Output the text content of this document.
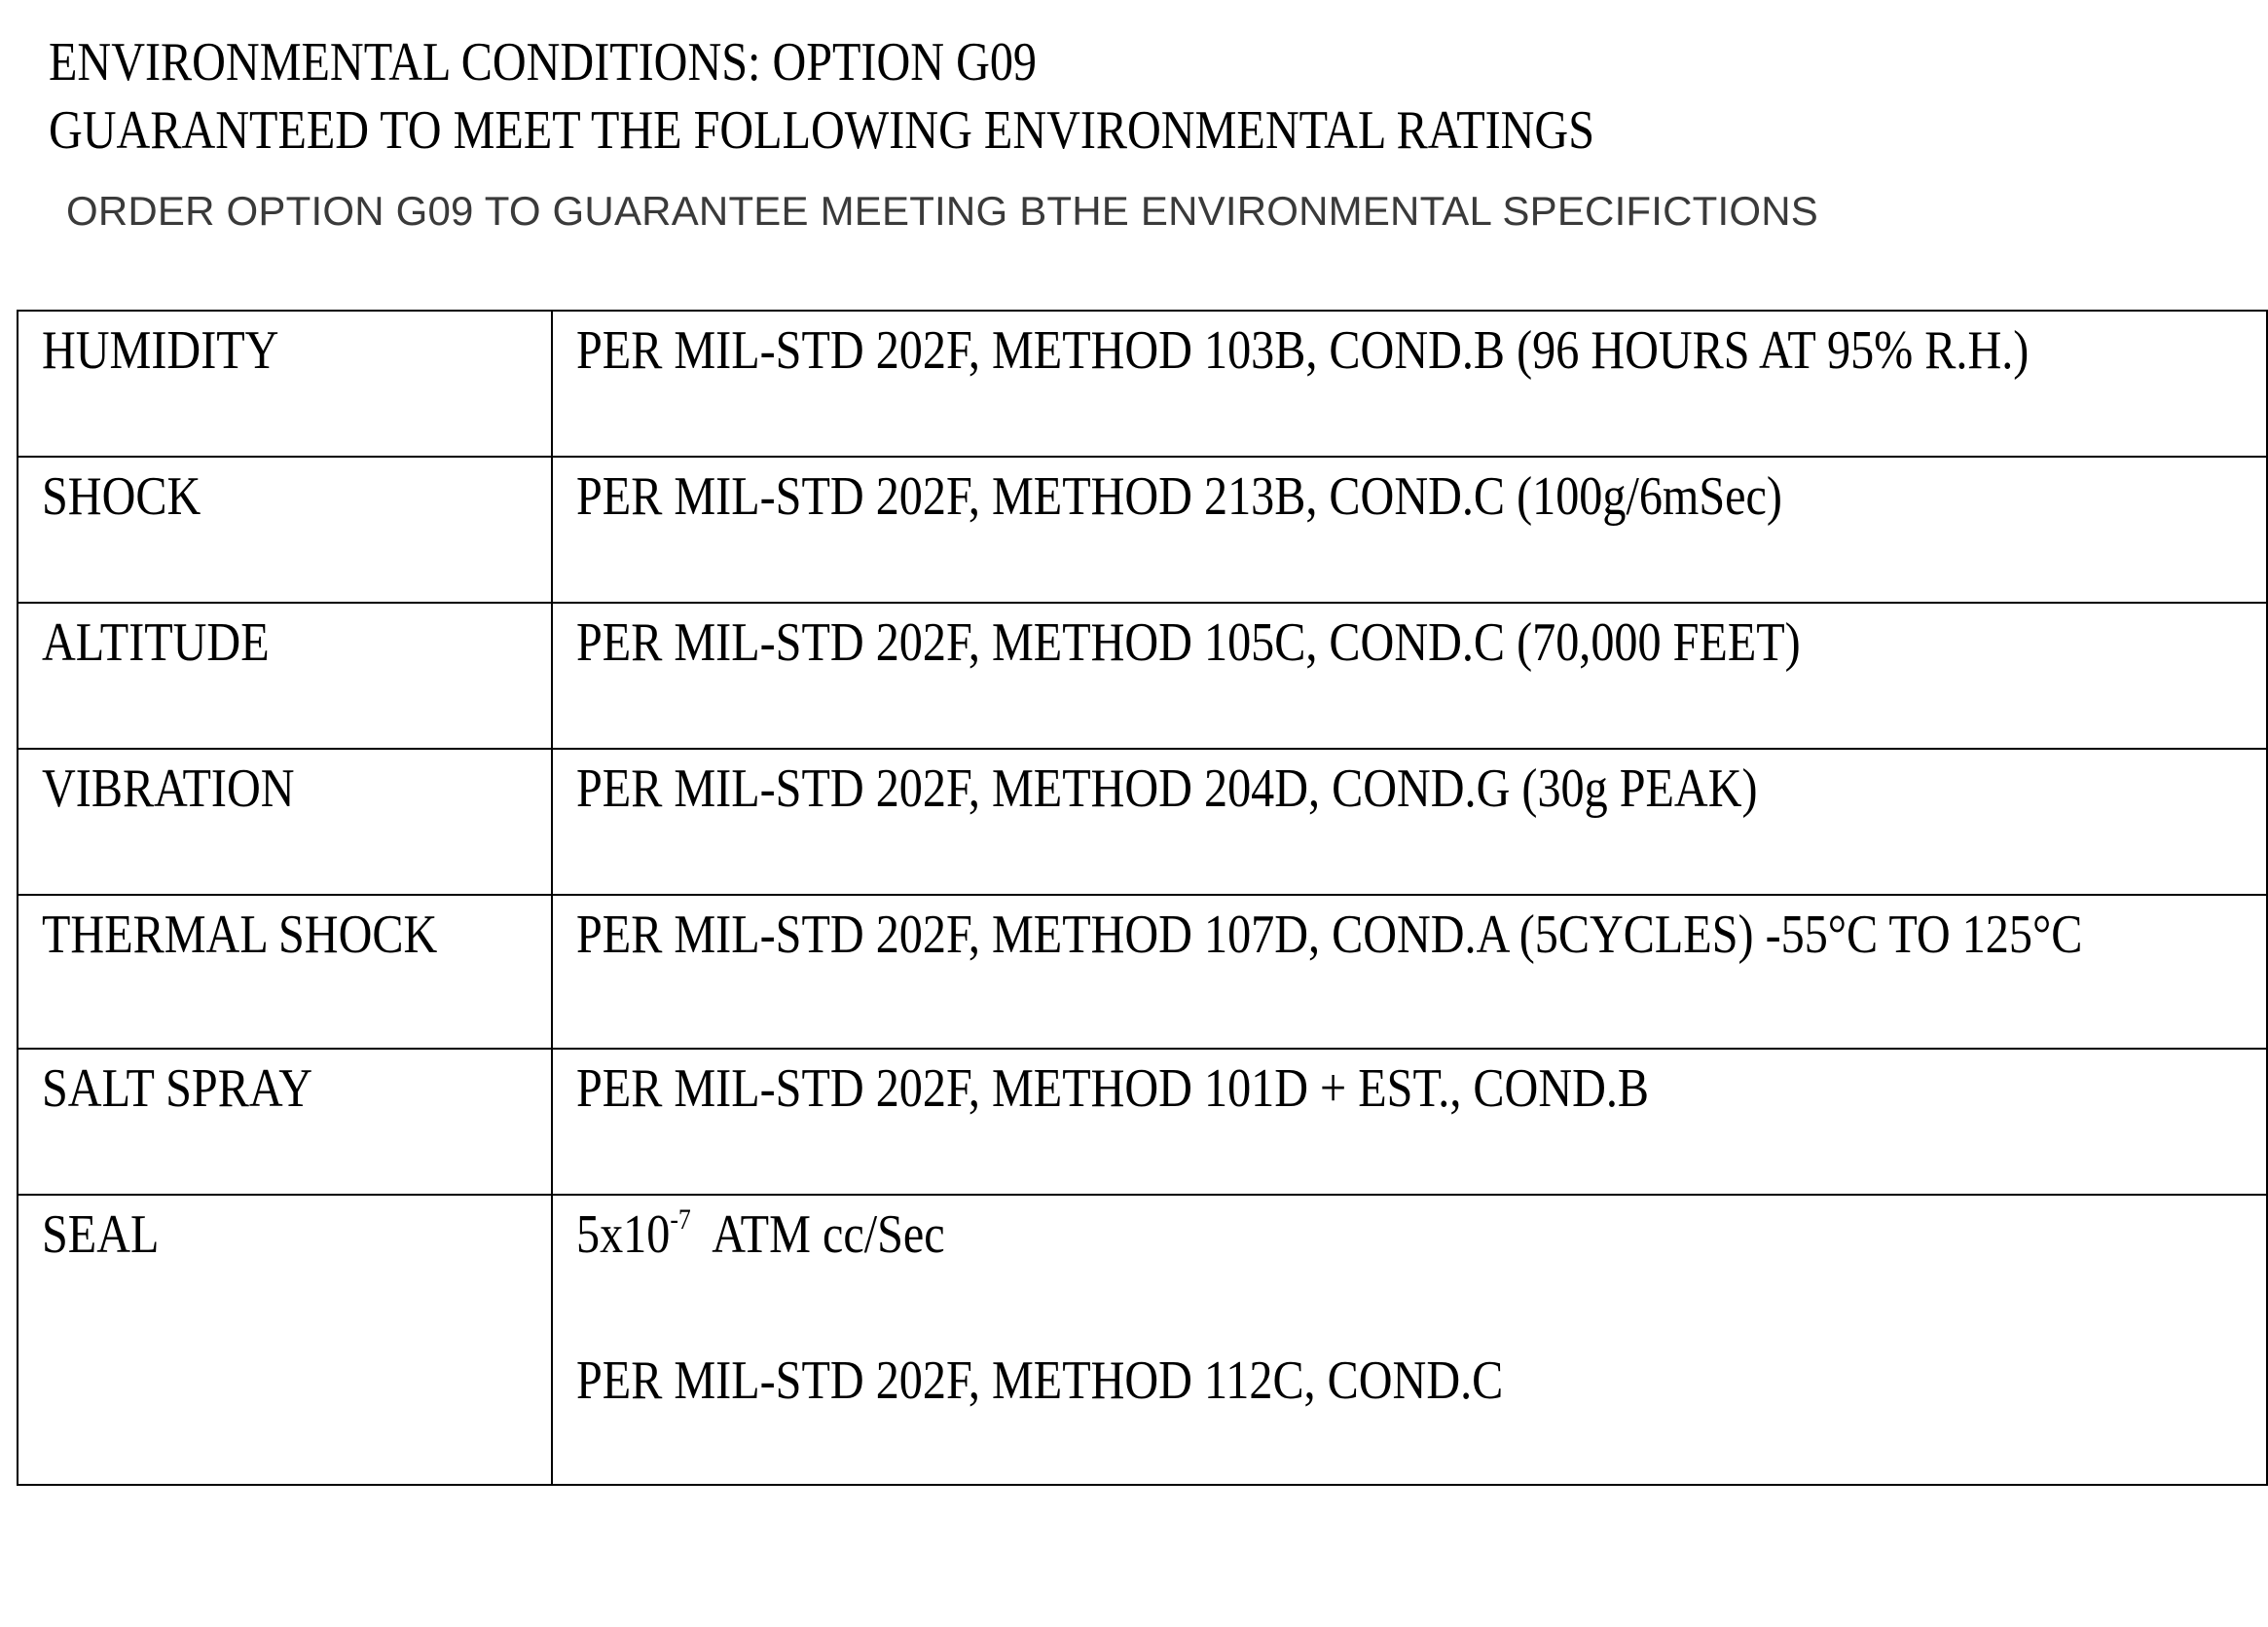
ENVIRONMENTAL CONDITIONS: OPTION G09
GUARANTEED TO MEET THE FOLLOWING ENVIRONMENTAL RATINGS
ORDER OPTION G09 TO GUARANTEE MEETING BTHE ENVIRONMENTAL SPECIFICTIONS
HUMIDITY	PER MIL-STD 202F, METHOD 103B, COND.B (96 HOURS AT 95% R.H.)
SHOCK	PER MIL-STD 202F, METHOD 213B, COND.C (100g/6mSec)
ALTITUDE	PER MIL-STD 202F, METHOD 105C, COND.C (70,000 FEET)
VIBRATION	PER MIL-STD 202F, METHOD 204D, COND.G (30g PEAK)
THERMAL SHOCK	PER MIL-STD 202F, METHOD 107D, COND.A (5CYCLES) -55°C TO 125°C
SALT SPRAY	PER MIL-STD 202F, METHOD 101D + EST., COND.B
SEAL	$5x10^{-7}$  ATM cc/Sec
PER MIL-STD 202F, METHOD 112C, COND.C
